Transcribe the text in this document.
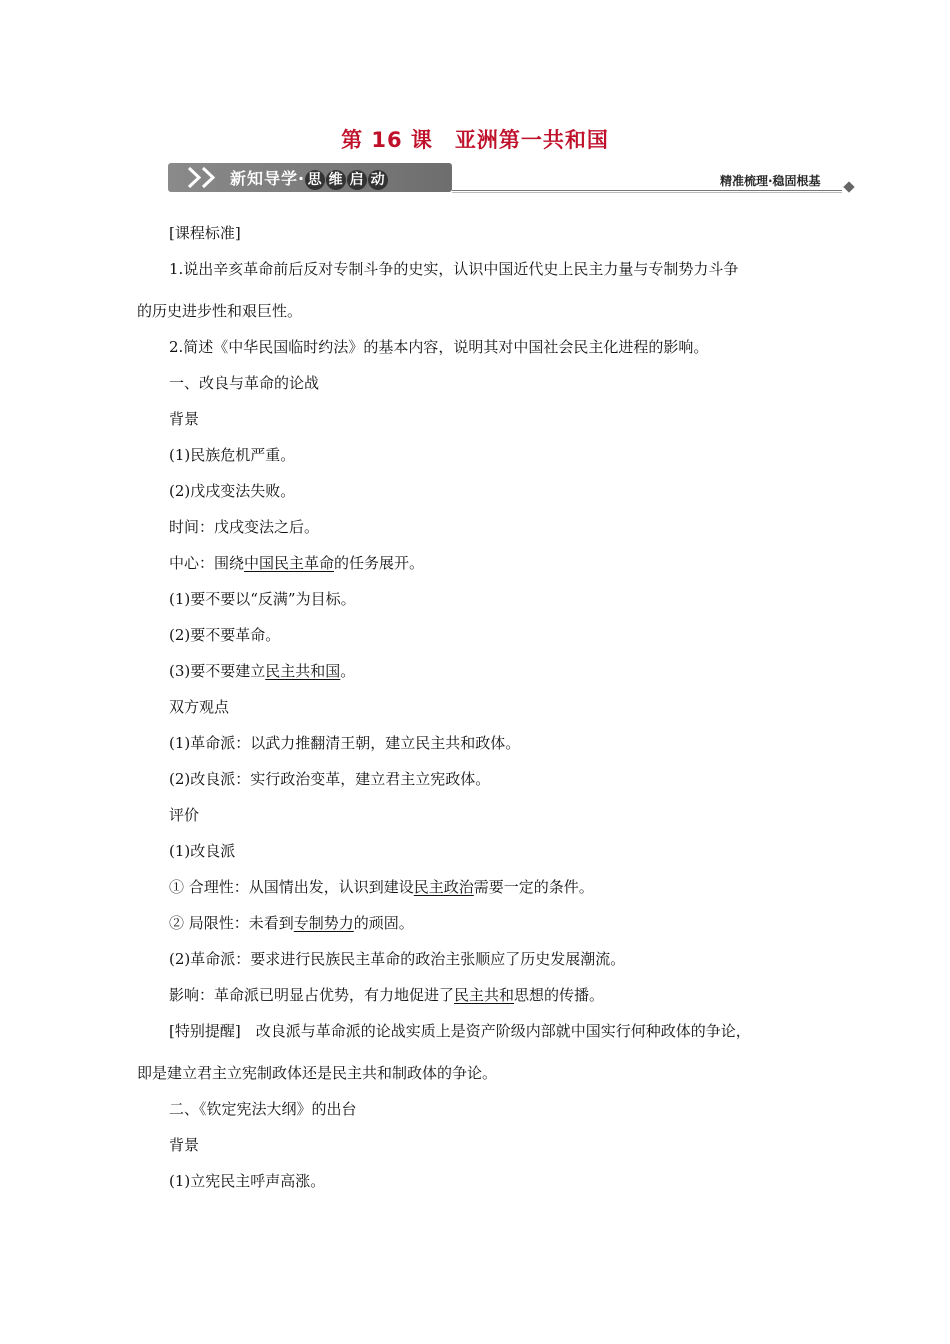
第 16 课 亚洲第一共和国
新知导学· 思 维 启 动	精准梳理·稳固根基

[课程标准]

1.说出辛亥革命前后反对专制斗争的史实，认识中国近代史上民主力量与专制势力斗争

的历史进步性和艰巨性。

2.简述《中华民国临时约法》的基本内容，说明其对中国社会民主化进程的影响。

一、改良与革命的论战

背景

(1)民族危机严重。

(2)戊戌变法失败。

时间：戊戌变法之后。

中心：围绕中国民主革命的任务展开。

(1)要不要以“反满”为目标。

(2)要不要革命。

(3)要不要建立民主共和国。

双方观点

(1)革命派：以武力推翻清王朝，建立民主共和政体。

(2)改良派：实行政治变革，建立君主立宪政体。

评价

(1)改良派

① 合理性：从国情出发，认识到建设民主政治需要一定的条件。

② 局限性：未看到专制势力的顽固。

(2)革命派：要求进行民族民主革命的政治主张顺应了历史发展潮流。

影响：革命派已明显占优势，有力地促进了民主共和思想的传播。

[特别提醒]　改良派与革命派的论战实质上是资产阶级内部就中国实行何种政体的争论，

即是建立君主立宪制政体还是民主共和制政体的争论。

二、《钦定宪法大纲》的出台

背景

(1)立宪民主呼声高涨。
